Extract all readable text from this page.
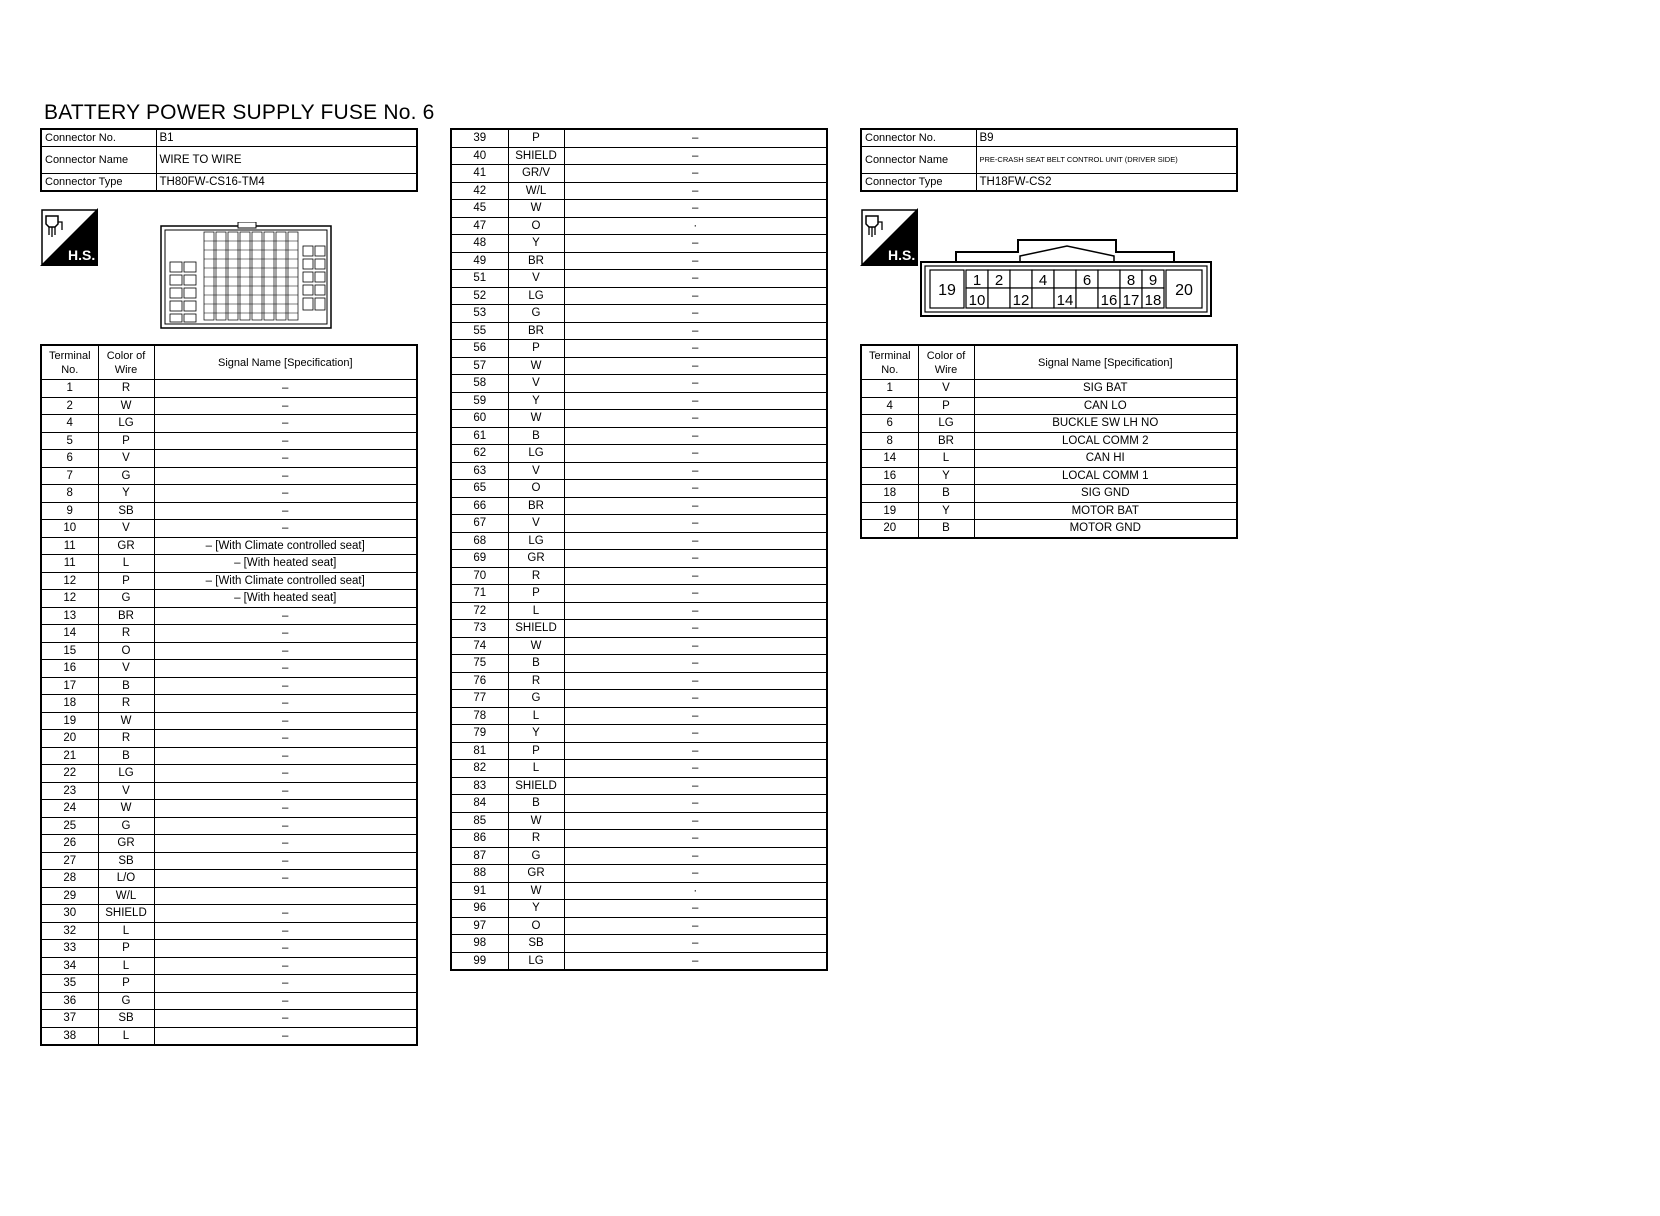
BATTERY POWER SUPPLY FUSE No. 6
Connector No.	B1
Connector Name	WIRE TO WIRE
Connector Type	TH80FW-CS16-TM4
H.S.
Terminal No.	Color of Wire	Signal Name [Specification]
1	R	–
2	W	–
4	LG	–
5	P	–
6	V	–
7	G	–
8	Y	–
9	SB	–
10	V	–
11	GR	– [With Climate controlled seat]
11	L	– [With heated seat]
12	P	– [With Climate controlled seat]
12	G	– [With heated seat]
13	BR	–
14	R	–
15	O	–
16	V	–
17	B	–
18	R	–
19	W	–
20	R	–
21	B	–
22	LG	–
23	V	–
24	W	–
25	G	–
26	GR	–
27	SB	–
28	L/O	–
29	W/L	
30	SHIELD	–
32	L	–
33	P	–
34	L	–
35	P	–
36	G	–
37	SB	–
38	L	–
39	P	–
40	SHIELD	–
41	GR/V	–
42	W/L	–
45	W	–
47	O	·
48	Y	–
49	BR	–
51	V	–
52	LG	–
53	G	–
55	BR	–
56	P	–
57	W	–
58	V	–
59	Y	–
60	W	–
61	B	–
62	LG	–
63	V	–
65	O	–
66	BR	–
67	V	–
68	LG	–
69	GR	–
70	R	–
71	P	–
72	L	–
73	SHIELD	–
74	W	–
75	B	–
76	R	–
77	G	–
78	L	–
79	Y	–
81	P	–
82	L	–
83	SHIELD	–
84	B	–
85	W	–
86	R	–
87	G	–
88	GR	–
91	W	·
96	Y	–
97	O	–
98	SB	–
99	LG	–
Connector No.	B9
Connector Name	PRE-CRASH SEAT BELT CONTROL UNIT (DRIVER SIDE)
Connector Type	TH18FW-CS2
H.S.
1
10
2
12
4
14
6
16
8
17
9
18
19	20
Terminal No.	Color of Wire	Signal Name [Specification]
1	V	SIG BAT
4	P	CAN LO
6	LG	BUCKLE SW LH NO
8	BR	LOCAL COMM 2
14	L	CAN HI
16	Y	LOCAL COMM 1
18	B	SIG GND
19	Y	MOTOR BAT
20	B	MOTOR GND
